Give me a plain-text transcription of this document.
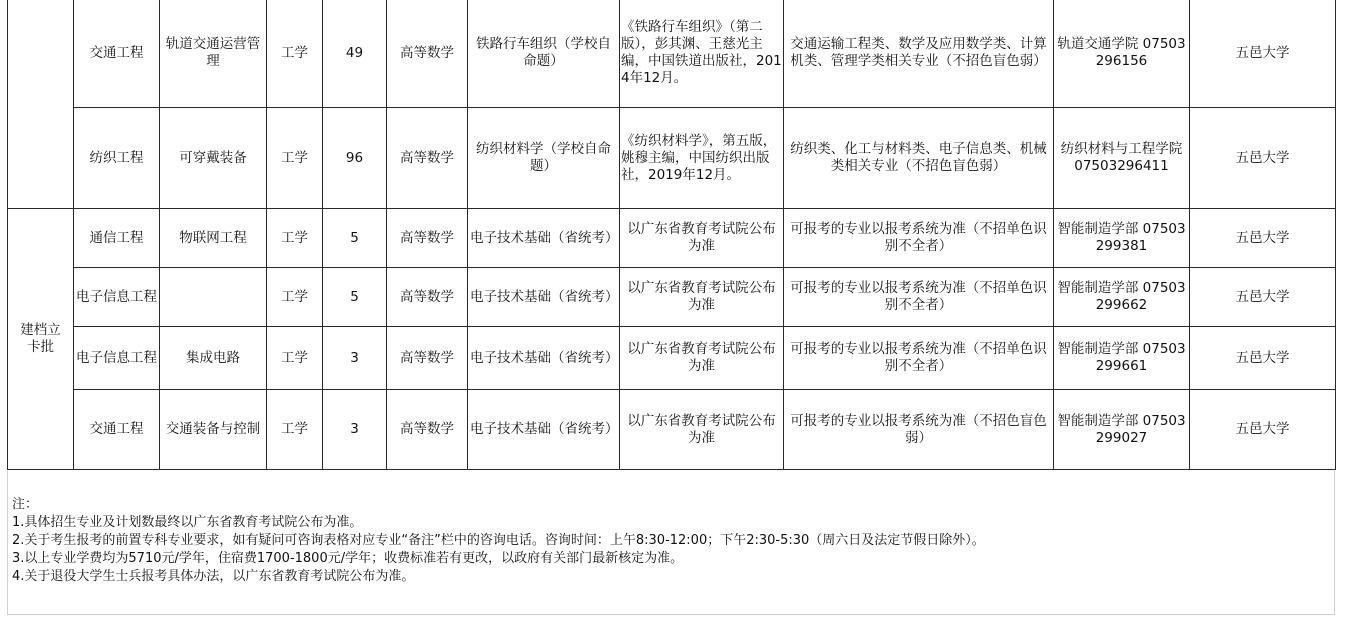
	交通工程	轨道交通运营管理	工学	49	高等数学	铁路行车组织（学校自命题）	《铁路行车组织》（第二版），彭其渊、王慈光主编，中国铁道出版社，2014年12月。	交通运输工程类、数学及应用数学类、计算机类、管理学类相关专业（不招色盲色弱）	轨道交通学院 07503296156	五邑大学
	纺织工程	可穿戴装备	工学	96	高等数学	纺织材料学（学校自命题）	《纺织材料学》，第五版，姚穆主编，中国纺织出版社，2019年12月。	纺织类、化工与材料类、电子信息类、机械类相关专业（不招色盲色弱）	纺织材料与工程学院 07503296411	五邑大学
建档立卡批	通信工程	物联网工程	工学	5	高等数学	电子技术基础（省统考）	以广东省教育考试院公布为准	可报考的专业以报考系统为准（不招单色识别不全者）	智能制造学部 07503299381	五邑大学
	电子信息工程		工学	5	高等数学	电子技术基础（省统考）	以广东省教育考试院公布为准	可报考的专业以报考系统为准（不招单色识别不全者）	智能制造学部 07503299662	五邑大学
	电子信息工程	集成电路	工学	3	高等数学	电子技术基础（省统考）	以广东省教育考试院公布为准	可报考的专业以报考系统为准（不招单色识别不全者）	智能制造学部 07503299661	五邑大学
	交通工程	交通装备与控制	工学	3	高等数学	电子技术基础（省统考）	以广东省教育考试院公布为准	可报考的专业以报考系统为准（不招色盲色弱）	智能制造学部 07503299027	五邑大学
注：
1.具体招生专业及计划数最终以广东省教育考试院公布为准。
2.关于考生报考的前置专科专业要求，如有疑问可咨询表格对应专业“备注”栏中的咨询电话。咨询时间：上午8:30-12:00；下午2:30-5:30（周六日及法定节假日除外）。
3.以上专业学费均为5710元/学年，住宿费1700-1800元/学年；收费标准若有更改，以政府有关部门最新核定为准。
4.关于退役大学生士兵报考具体办法，以广东省教育考试院公布为准。
